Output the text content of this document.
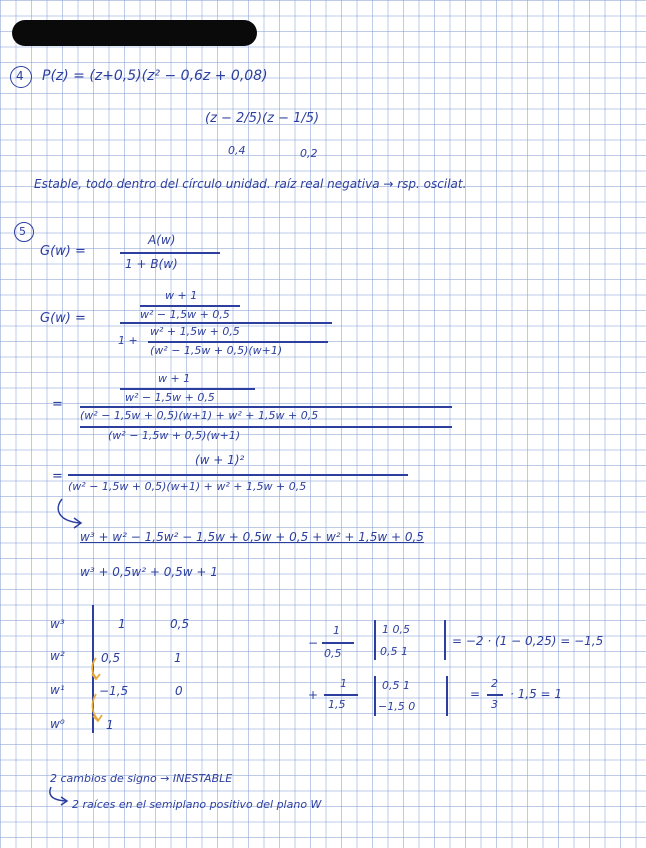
4 P(z) = (z+0,5)(z² − 0,6z + 0,08)
(z − 2/5)(z − 1/5)
0,4	0,2
Estable, todo dentro del círculo unidad. raíz real negativa → rsp. oscilat.
5
G(w) =
A(w)
1 + B(w)
G(w) =
w + 1
w² − 1,5w + 0,5
1 +
w² + 1,5w + 0,5
(w² − 1,5w + 0,5)(w+1)
=
w + 1
w² − 1,5w + 0,5
(w² − 1,5w + 0,5)(w+1) + w² + 1,5w + 0,5
(w² − 1,5w + 0,5)(w+1)
=
(w + 1)²
(w² − 1,5w + 0,5)(w+1) + w² + 1,5w + 0,5
w³ + w² − 1,5w² − 1,5w + 0,5w + 0,5 + w² + 1,5w + 0,5
w³ + 0,5w² + 0,5w + 1
w³
w²
w¹
w⁰
1
0,5
−1,5
1
0,5
1
0
−
1
0,5
1 0,5
0,5 1
= −2 · (1 − 0,25) = −1,5
+
1
1,5
0,5 1
−1,5 0
=
2
3
· 1,5 = 1
2 cambios de signo → INESTABLE
2 raíces en el semiplano positivo del plano W
